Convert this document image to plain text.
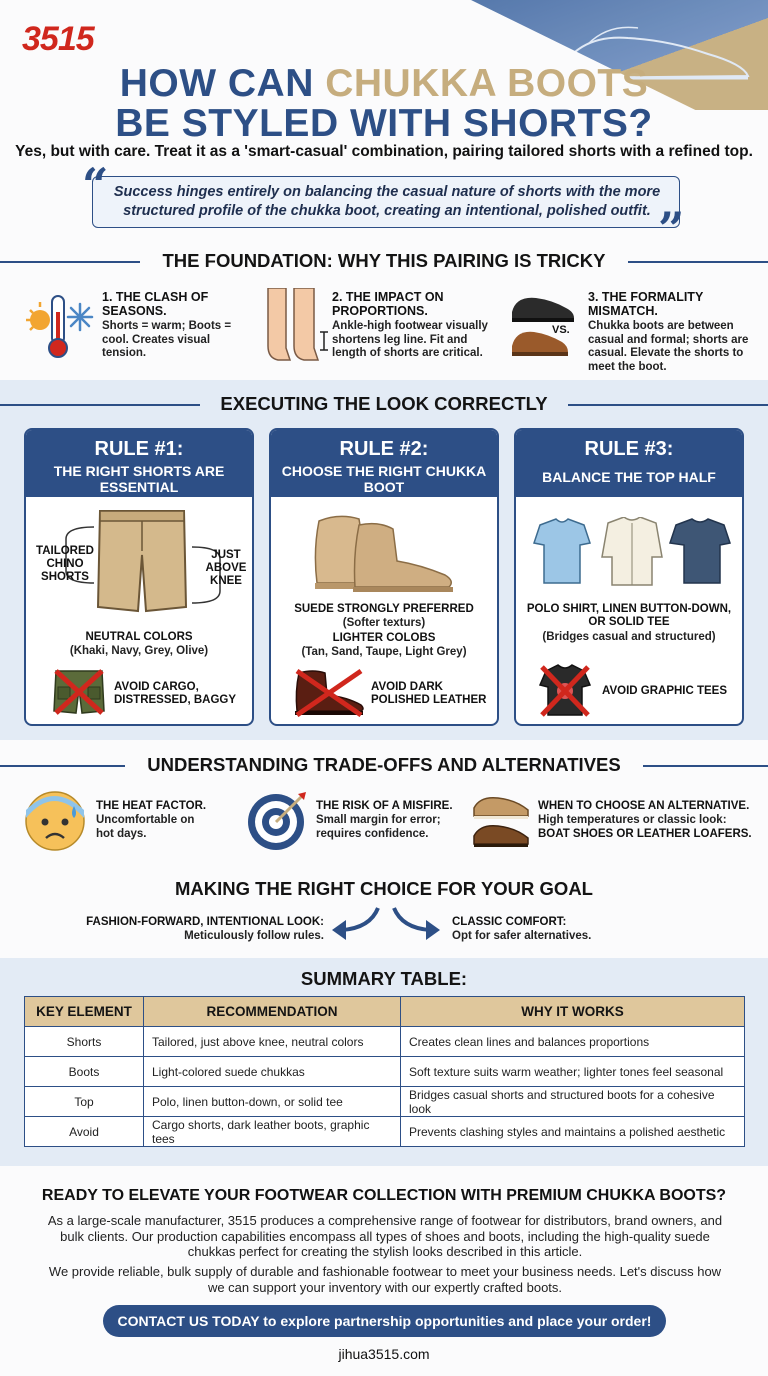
3515
HOW CAN CHUKKA BOOTS
BE STYLED WITH SHORTS?
Yes, but with care. Treat it as a 'smart-casual' combination, pairing tailored shorts with a refined top.
“ Success hinges entirely on balancing the casual nature of shorts with the more structured profile of the chukka boot, creating an intentional, polished outfit. ”
THE FOUNDATION: WHY THIS PAIRING IS TRICKY
1. THE CLASH OF SEASONS.
Shorts = warm; Boots = cool. Creates visual tension.
2. THE IMPACT ON PROPORTIONS.
Ankle-high footwear visually shortens leg line. Fit and length of shorts are critical.
VS.
3. THE FORMALITY MISMATCH.
Chukka boots are between casual and formal; shorts are casual. Elevate the shorts to meet the boot.
EXECUTING THE LOOK CORRECTLY
RULE #1:
THE RIGHT SHORTS ARE ESSENTIAL
TAILORED CHINO SHORTS
JUST ABOVE KNEE
NEUTRAL COLORS
(Khaki, Navy, Grey, Olive)
AVOID CARGO, DISTRESSED, BAGGY
RULE #2:
CHOOSE THE RIGHT CHUKKA BOOT
SUEDE STRONGLY PREFERRED
(Softer texturs)
LIGHTER COLOBS
(Tan, Sand, Taupe, Light Grey)
AVOID DARK POLISHED LEATHER
RULE #3:
BALANCE THE TOP HALF
POLO SHIRT, LINEN BUTTON-DOWN, OR SOLID TEE
(Bridges casual and structured)
AVOID GRAPHIC TEES
UNDERSTANDING TRADE-OFFS AND ALTERNATIVES
THE HEAT FACTOR.
Uncomfortable on hot days.
THE RISK OF A MISFIRE.
Small margin for error; requires confidence.
WHEN TO CHOOSE AN ALTERNATIVE.
High temperatures or classic look:
BOAT SHOES OR LEATHER LOAFERS.
MAKING THE RIGHT CHOICE FOR YOUR GOAL
FASHION-FORWARD, INTENTIONAL LOOK:
Meticulously follow rules.
CLASSIC COMFORT:
Opt for safer alternatives.
SUMMARY TABLE:
KEY ELEMENT	RECOMMENDATION	WHY IT WORKS
Shorts	Tailored, just above knee, neutral colors	Creates clean lines and balances proportions
Boots	Light-colored suede chukkas	Soft texture suits warm weather; lighter tones feel seasonal
Top	Polo, linen button-down, or solid tee	Bridges casual shorts and structured boots for a cohesive look
Avoid	Cargo shorts, dark leather boots, graphic tees	Prevents clashing styles and maintains a polished aesthetic
READY TO ELEVATE YOUR FOOTWEAR COLLECTION WITH PREMIUM CHUKKA BOOTS?
As a large-scale manufacturer, 3515 produces a comprehensive range of footwear for distributors, brand owners, and bulk clients. Our production capabilities encompass all types of shoes and boots, including the high-quality suede chukkas perfect for creating the stylish looks described in this article.
We provide reliable, bulk supply of durable and fashionable footwear to meet your business needs. Let's discuss how we can support your inventory with our expertly crafted boots.
CONTACT US TODAY to explore partnership opportunities and place your order!
jihua3515.com
